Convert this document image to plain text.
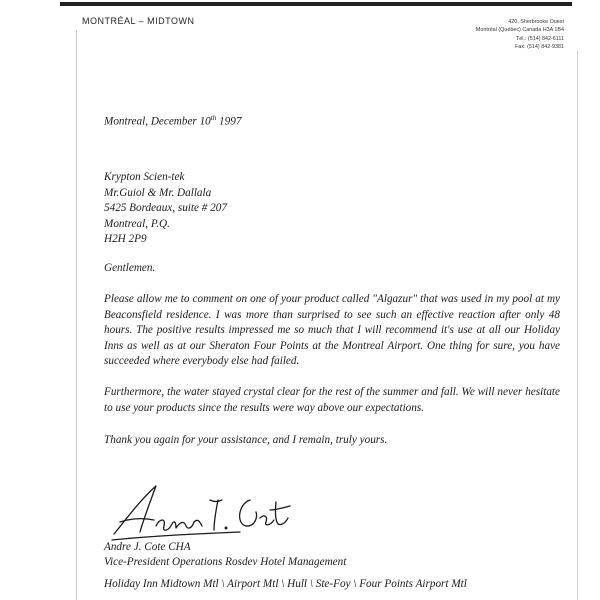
MONTRÉAL – MIDTOWN	420, Sherbrooke Ouest
Montréal (Québec) Canada H3A 1B4
Tél.: (514) 842-6111
Fax: (514) 842-9381
Montreal, December 10th 1997
Krypton Scien-tek
Mr.Guiol & Mr. Dallala
5425 Bordeaux, suite # 207
Montreal, P.Q.
H2H 2P9
Gentlemen.

Please allow me to comment on one of your product called "Algazur" that was used in my pool at my Beaconsfield residence. I was more than surprised to see such an effective reaction after only 48 hours. The positive results impressed me so much that I will recommend it's use at all our Holiday Inns as well as at our Sheraton Four Points at the Montreal Airport. One thing for sure, you have succeeded where everybody else had failed.

Furthermore, the water stayed crystal clear for the rest of the summer and fall. We will never hesitate to use your products since the results were way above our expectations.

Thank you again for your assistance, and I remain, truly yours.

Andre J. Cote CHA
Vice-President Operations Rosdev Hotel Management
Holiday Inn Midtown Mtl \ Airport Mtl \ Hull \ Ste-Foy \ Four Points Airport Mtl
